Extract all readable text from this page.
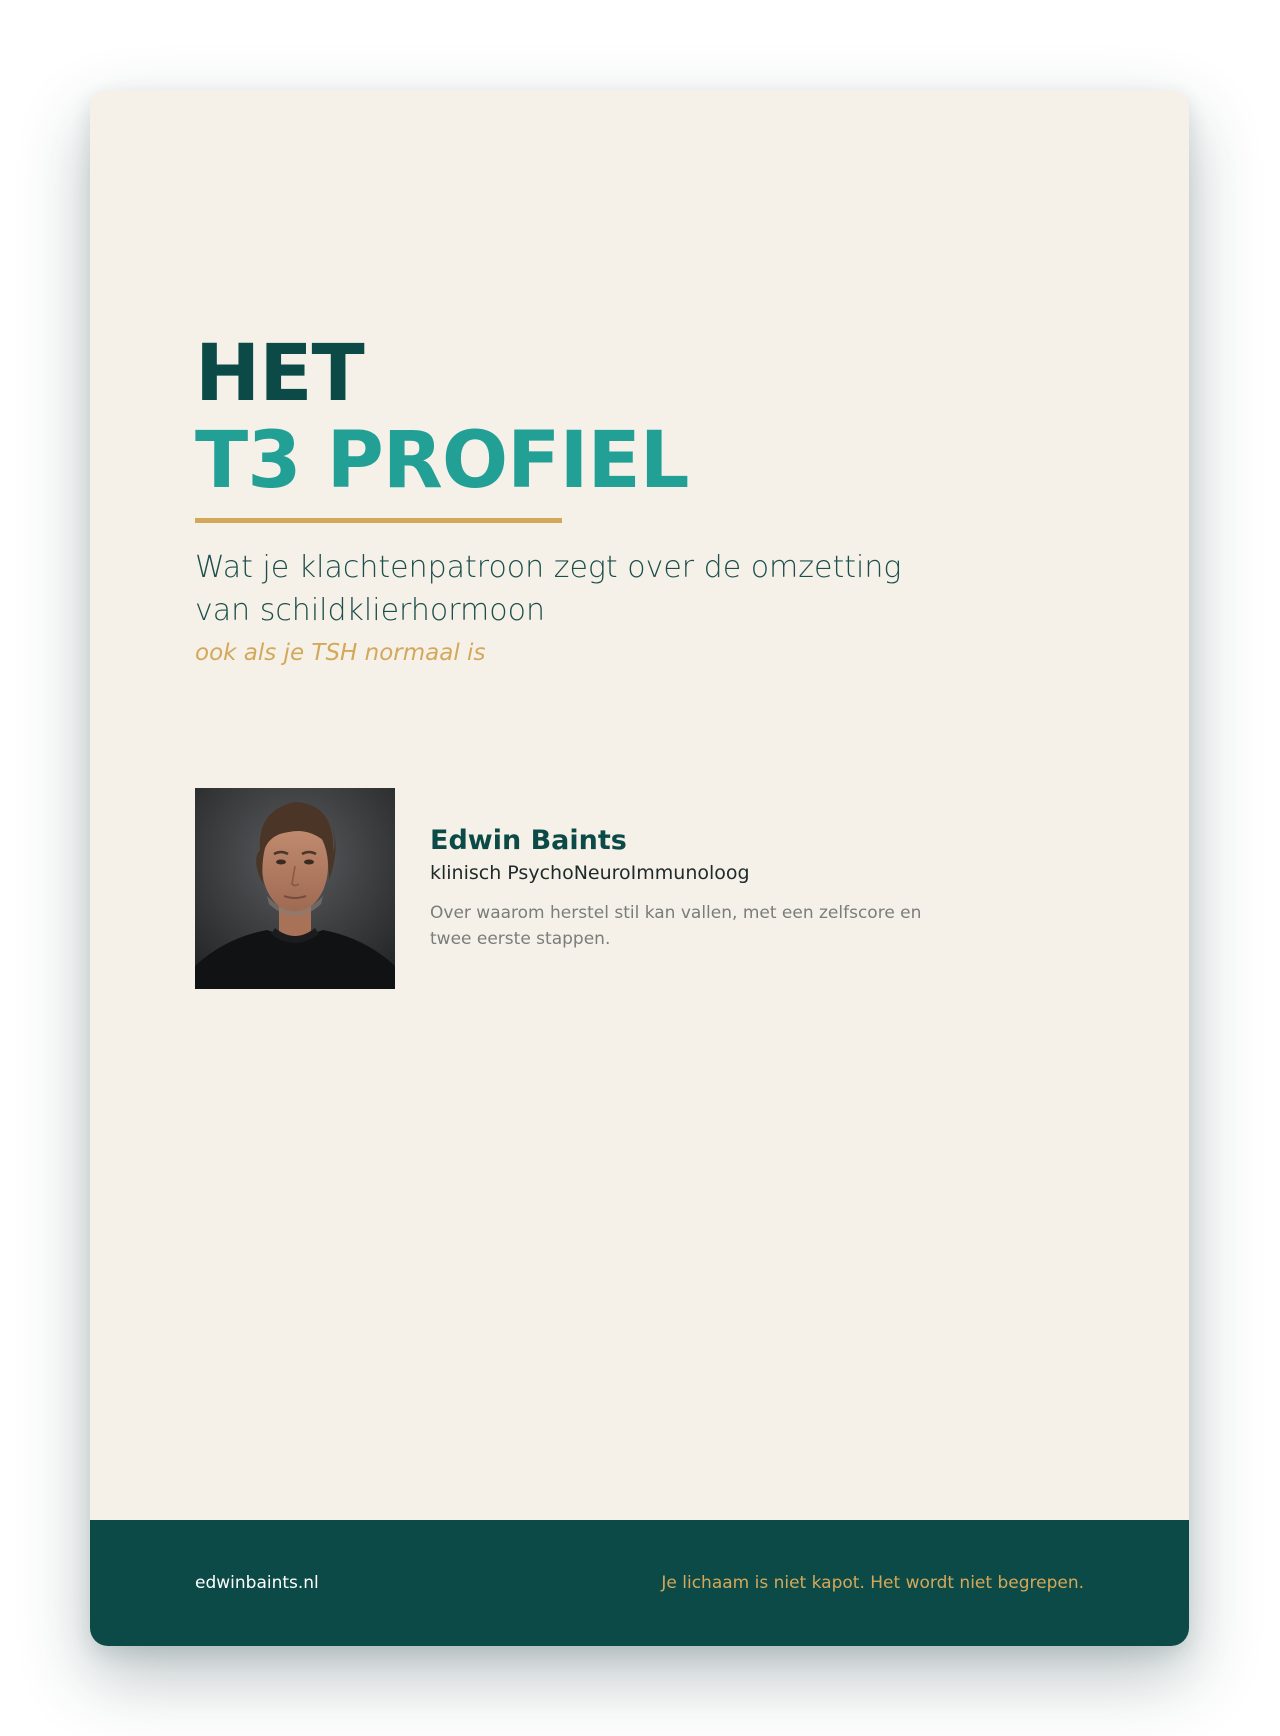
HET
T3 PROFIEL

Wat je klachtenpatroon zegt over de omzetting van schildklierhormoon

ook als je TSH normaal is

Edwin Baints

klinisch PsychoNeuroImmunoloog

Over waarom herstel stil kan vallen, met een zelfscore en twee eerste stappen.

edwinbaints.nl	Je lichaam is niet kapot. Het wordt niet begrepen.
